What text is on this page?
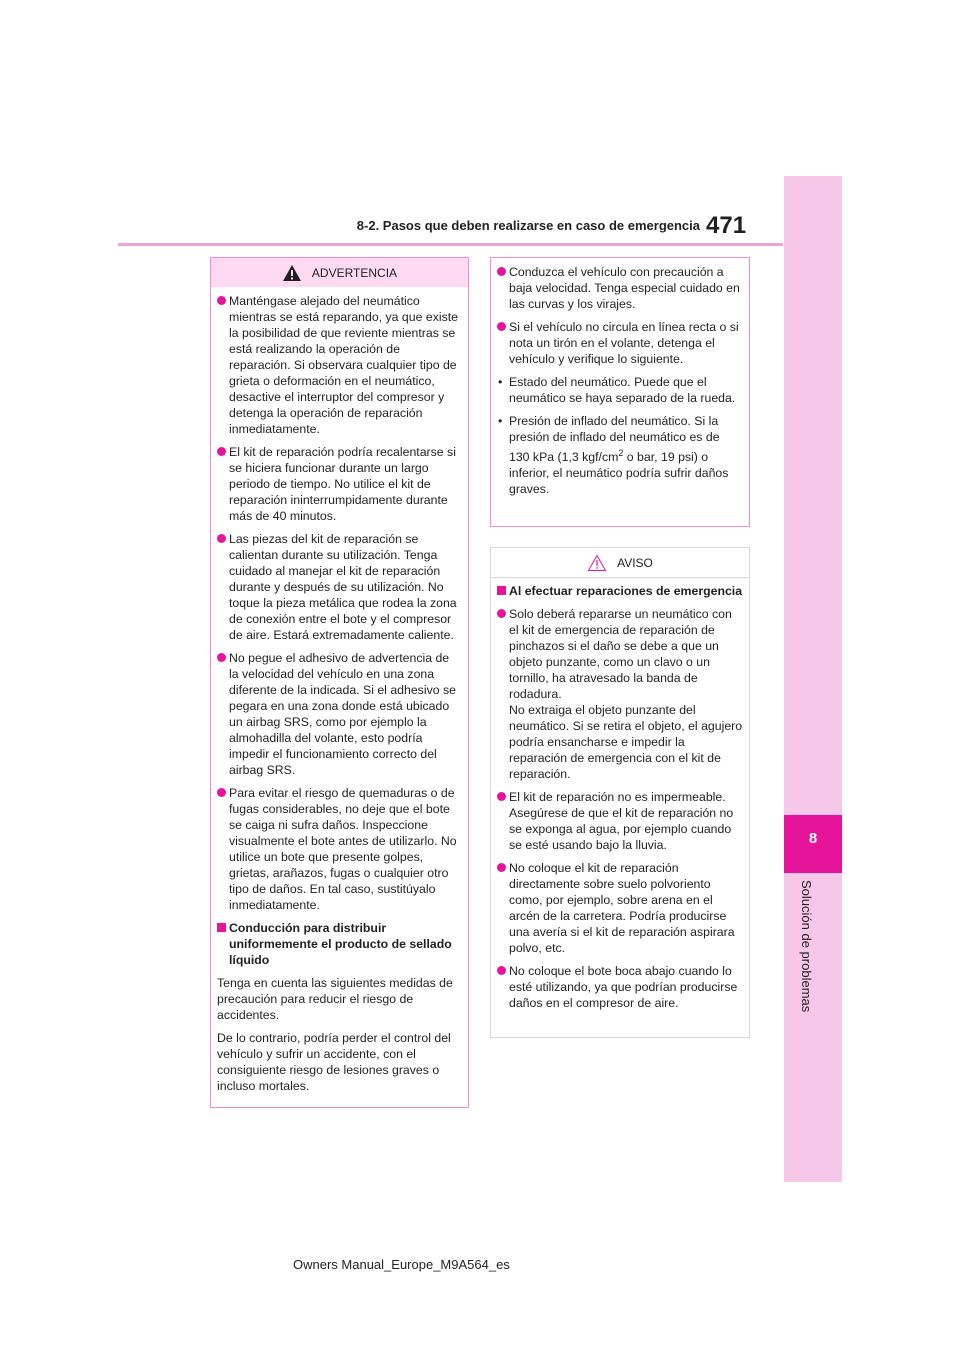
8-2. Pasos que deben realizarse en caso de emergencia 471
8
Solución de problemas
ADVERTENCIA
Manténgase alejado del neumático mientras se está reparando, ya que existe la posibilidad de que reviente mientras se está realizando la operación de reparación. Si observara cualquier tipo de grieta o deformación en el neumático, desactive el interruptor del compresor y detenga la operación de reparación inmediatamente.
El kit de reparación podría recalentarse si se hiciera funcionar durante un largo periodo de tiempo. No utilice el kit de reparación ininterrumpidamente durante más de 40 minutos.
Las piezas del kit de reparación se calientan durante su utilización. Tenga cuidado al manejar el kit de reparación durante y después de su utilización. No toque la pieza metálica que rodea la zona de conexión entre el bote y el compresor de aire. Estará extremadamente caliente.
No pegue el adhesivo de advertencia de la velocidad del vehículo en una zona diferente de la indicada. Si el adhesivo se pegara en una zona donde está ubicado un airbag SRS, como por ejemplo la almohadilla del volante, esto podría impedir el funcionamiento correcto del airbag SRS.
Para evitar el riesgo de quemaduras o de fugas considerables, no deje que el bote se caiga ni sufra daños. Inspeccione visualmente el bote antes de utilizarlo. No utilice un bote que presente golpes, grietas, arañazos, fugas o cualquier otro tipo de daños. En tal caso, sustitúyalo inmediatamente.
Conducción para distribuir uniformemente el producto de sellado líquido
Tenga en cuenta las siguientes medidas de precaución para reducir el riesgo de accidentes.
De lo contrario, podría perder el control del vehículo y sufrir un accidente, con el consiguiente riesgo de lesiones graves o incluso mortales.
Conduzca el vehículo con precaución a baja velocidad. Tenga especial cuidado en las curvas y los virajes.
Si el vehículo no circula en línea recta o si nota un tirón en el volante, detenga el vehículo y verifique lo siguiente.
• Estado del neumático. Puede que el neumático se haya separado de la rueda.
• Presión de inflado del neumático. Si la presión de inflado del neumático es de 130 kPa (1,3 kgf/$cm^2$ o bar, 19 psi) o inferior, el neumático podría sufrir daños graves.
AVISO
Al efectuar reparaciones de emergencia
Solo deberá repararse un neumático con el kit de emergencia de reparación de pinchazos si el daño se debe a que un objeto punzante, como un clavo o un tornillo, ha atravesado la banda de rodadura.
No extraiga el objeto punzante del neumático. Si se retira el objeto, el agujero podría ensancharse e impedir la reparación de emergencia con el kit de reparación.
El kit de reparación no es impermeable. Asegúrese de que el kit de reparación no se exponga al agua, por ejemplo cuando se esté usando bajo la lluvia.
No coloque el kit de reparación directamente sobre suelo polvoriento como, por ejemplo, sobre arena en el arcén de la carretera. Podría producirse una avería si el kit de reparación aspirara polvo, etc.
No coloque el bote boca abajo cuando lo esté utilizando, ya que podrían producirse daños en el compresor de aire.
Owners Manual_Europe_M9A564_es
